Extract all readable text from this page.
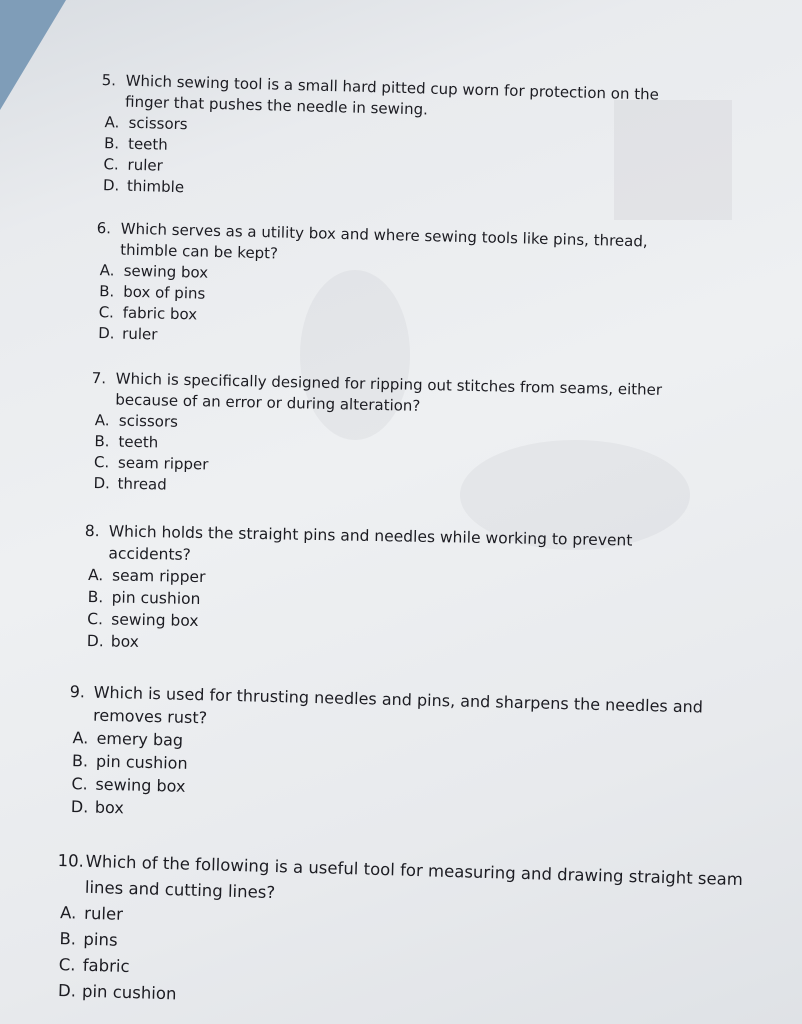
5. Which sewing tool is a small hard pitted cup worn for protection on the finger that pushes the needle in sewing.
A. scissors
B. teeth
C. ruler
D. thimble
6. Which serves as a utility box and where sewing tools like pins, thread, thimble can be kept?
A. sewing box
B. box of pins
C. fabric box
D. ruler
7. Which is specifically designed for ripping out stitches from seams, either because of an error or during alteration?
A. scissors
B. teeth
C. seam ripper
D. thread
8. Which holds the straight pins and needles while working to prevent accidents?
A. seam ripper
B. pin cushion
C. sewing box
D. box
9. Which is used for thrusting needles and pins, and sharpens the needles and removes rust?
A. emery bag
B. pin cushion
C. sewing box
D. box
10. Which of the following is a useful tool for measuring and drawing straight seam lines and cutting lines?
A. ruler
B. pins
C. fabric
D. pin cushion
